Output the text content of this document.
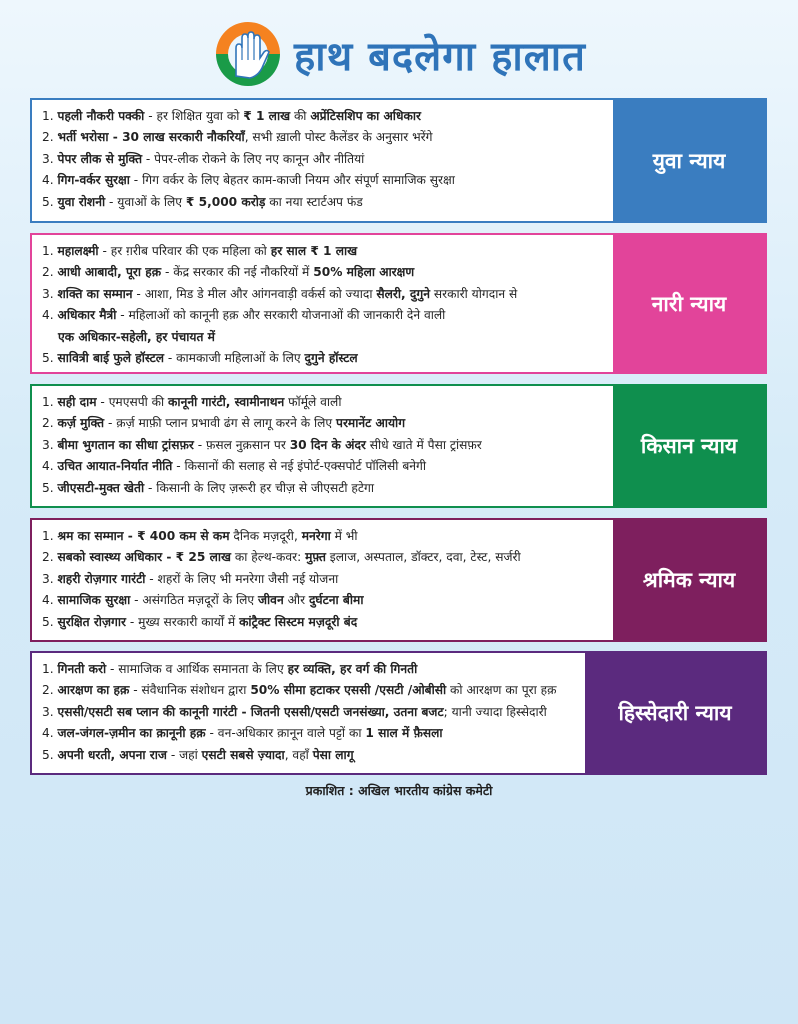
हाथ बदलेगा हालात
1. पहली नौकरी पक्की - हर शिक्षित युवा को ₹ 1 लाख की अप्रेंटिसशिप का अधिकार
2. भर्ती भरोसा - 30 लाख सरकारी नौकरियाँ, सभी ख़ाली पोस्ट कैलेंडर के अनुसार भरेंगे
3. पेपर लीक से मुक्ति - पेपर-लीक रोकने के लिए नए कानून और नीतियां
4. गिग-वर्कर सुरक्षा - गिग वर्कर के लिए बेहतर काम-काजी नियम और संपूर्ण सामाजिक सुरक्षा
5. युवा रोशनी - युवाओं के लिए ₹ 5,000 करोड़ का नया स्टार्टअप फंड
युवा न्याय
1. महालक्ष्मी - हर ग़रीब परिवार की एक महिला को हर साल ₹ 1 लाख
2. आधी आबादी, पूरा हक़ - केंद्र सरकार की नई नौकरियों में 50% महिला आरक्षण
3. शक्ति का सम्मान - आशा, मिड डे मील और आंगनवाड़ी वर्कर्स को ज्यादा सैलरी, दुगुने सरकारी योगदान से
4. अधिकार मैत्री - महिलाओं को कानूनी हक़ और सरकारी योजनाओं की जानकारी देने वाली
एक अधिकार-सहेली, हर पंचायत में
5. सावित्री बाई फुले हॉस्टल - कामकाजी महिलाओं के लिए दुगुने हॉस्टल
नारी न्याय
1. सही दाम - एमएसपी की कानूनी गारंटी, स्वामीनाथन फॉर्मूले वाली
2. कर्ज़ मुक्ति - क़र्ज़ माफ़ी प्लान प्रभावी ढंग से लागू करने के लिए परमानेंट आयोग
3. बीमा भुगतान का सीधा ट्रांसफ़र - फ़सल नुक़सान पर 30 दिन के अंदर सीधे खाते में पैसा ट्रांसफ़र
4. उचित आयात-निर्यात नीति - किसानों की सलाह से नई इंपोर्ट-एक्सपोर्ट पॉलिसी बनेगी
5. जीएसटी-मुक्त खेती - किसानी के लिए ज़रूरी हर चीज़ से जीएसटी हटेगा
किसान न्याय
1. श्रम का सम्मान - ₹ 400 कम से कम दैनिक मज़दूरी, मनरेगा में भी
2. सबको स्वास्थ्य अधिकार - ₹ 25 लाख का हेल्थ-कवर: मुफ़्त इलाज, अस्पताल, डॉक्टर, दवा, टेस्ट, सर्जरी
3. शहरी रोज़गार गारंटी - शहरों के लिए भी मनरेगा जैसी नई योजना
4. सामाजिक सुरक्षा - असंगठित मज़दूरों के लिए जीवन और दुर्घटना बीमा
5. सुरक्षित रोज़गार - मुख्य सरकारी कार्यों में कांट्रैक्ट सिस्टम मज़दूरी बंद
श्रमिक न्याय
1. गिनती करो - सामाजिक व आर्थिक समानता के लिए हर व्यक्ति, हर वर्ग की गिनती
2. आरक्षण का हक़ - संवैधानिक संशोधन द्वारा 50% सीमा हटाकर एससी /एसटी /ओबीसी को आरक्षण का पूरा हक़
3. एससी/एसटी सब प्लान की कानूनी गारंटी - जितनी एससी/एसटी जनसंख्या, उतना बजट; यानी ज्यादा हिस्सेदारी
4. जल-जंगल-ज़मीन का क़ानूनी हक़ - वन-अधिकार क़ानून वाले पट्टों का 1 साल में फ़ैसला
5. अपनी धरती, अपना राज - जहां एसटी सबसे ज़्यादा, वहाँ पेसा लागू
हिस्सेदारी न्याय
प्रकाशित : अखिल भारतीय कांग्रेस कमेटी
